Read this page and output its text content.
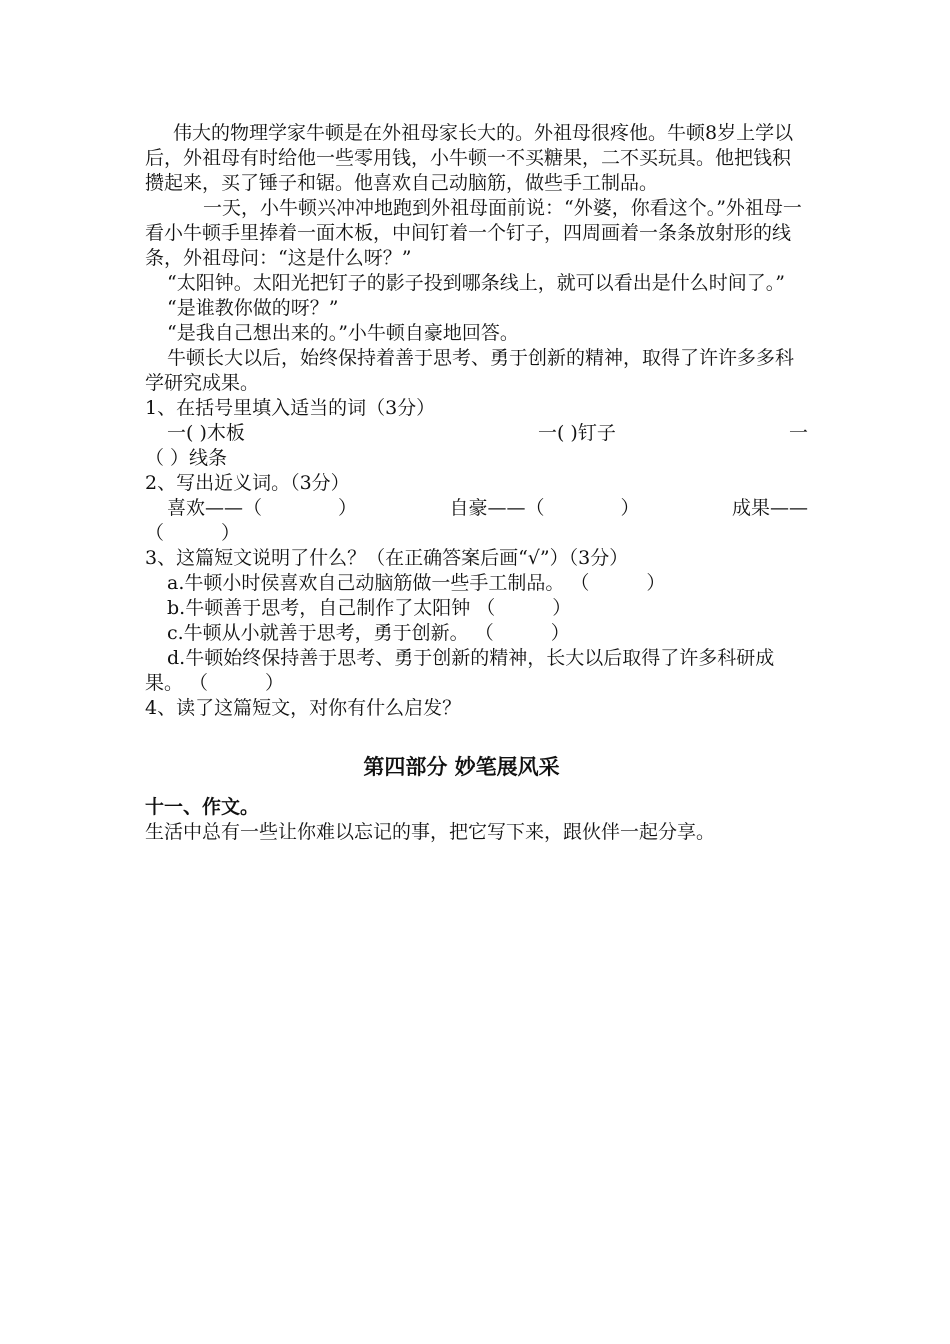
伟大的物理学家牛顿是在外祖母家长大的。外祖母很疼他。牛顿8岁上学以后，外祖母有时给他一些零用钱，小牛顿一不买糖果，二不买玩具。他把钱积攒起来，买了锤子和锯。他喜欢自己动脑筋，做些手工制品。

一天，小牛顿兴冲冲地跑到外祖母面前说：“外婆，你看这个。”外祖母一看小牛顿手里捧着一面木板，中间钉着一个钉子，四周画着一条条放射形的线条，外祖母问：“这是什么呀？”

“太阳钟。太阳光把钉子的影子投到哪条线上，就可以看出是什么时间了。”

“是谁教你做的呀？”

“是我自己想出来的。”小牛顿自豪地回答。

牛顿长大以后，始终保持着善于思考、勇于创新的精神，取得了许许多多科学研究成果。

1、在括号里填入适当的词（3分）

一( )木板	一( )钉子	一

（ ）线条

2、写出近义词。（3分）

喜欢——（　　　　）	自豪——（　　　　）	成果——

（　　　）

3、这篇短文说明了什么？（在正确答案后画“√”）（3分）

a.牛顿小时侯喜欢自己动脑筋做一些手工制品。 （　　　）

b.牛顿善于思考，自己制作了太阳钟 （　　　）

c.牛顿从小就善于思考，勇于创新。 （　　　）

d.牛顿始终保持善于思考、勇于创新的精神，长大以后取得了许多科研成果。 （　　　）

4、读了这篇短文，对你有什么启发？

第四部分 妙笔展风采

十一、作文。

生活中总有一些让你难以忘记的事，把它写下来，跟伙伴一起分享。
